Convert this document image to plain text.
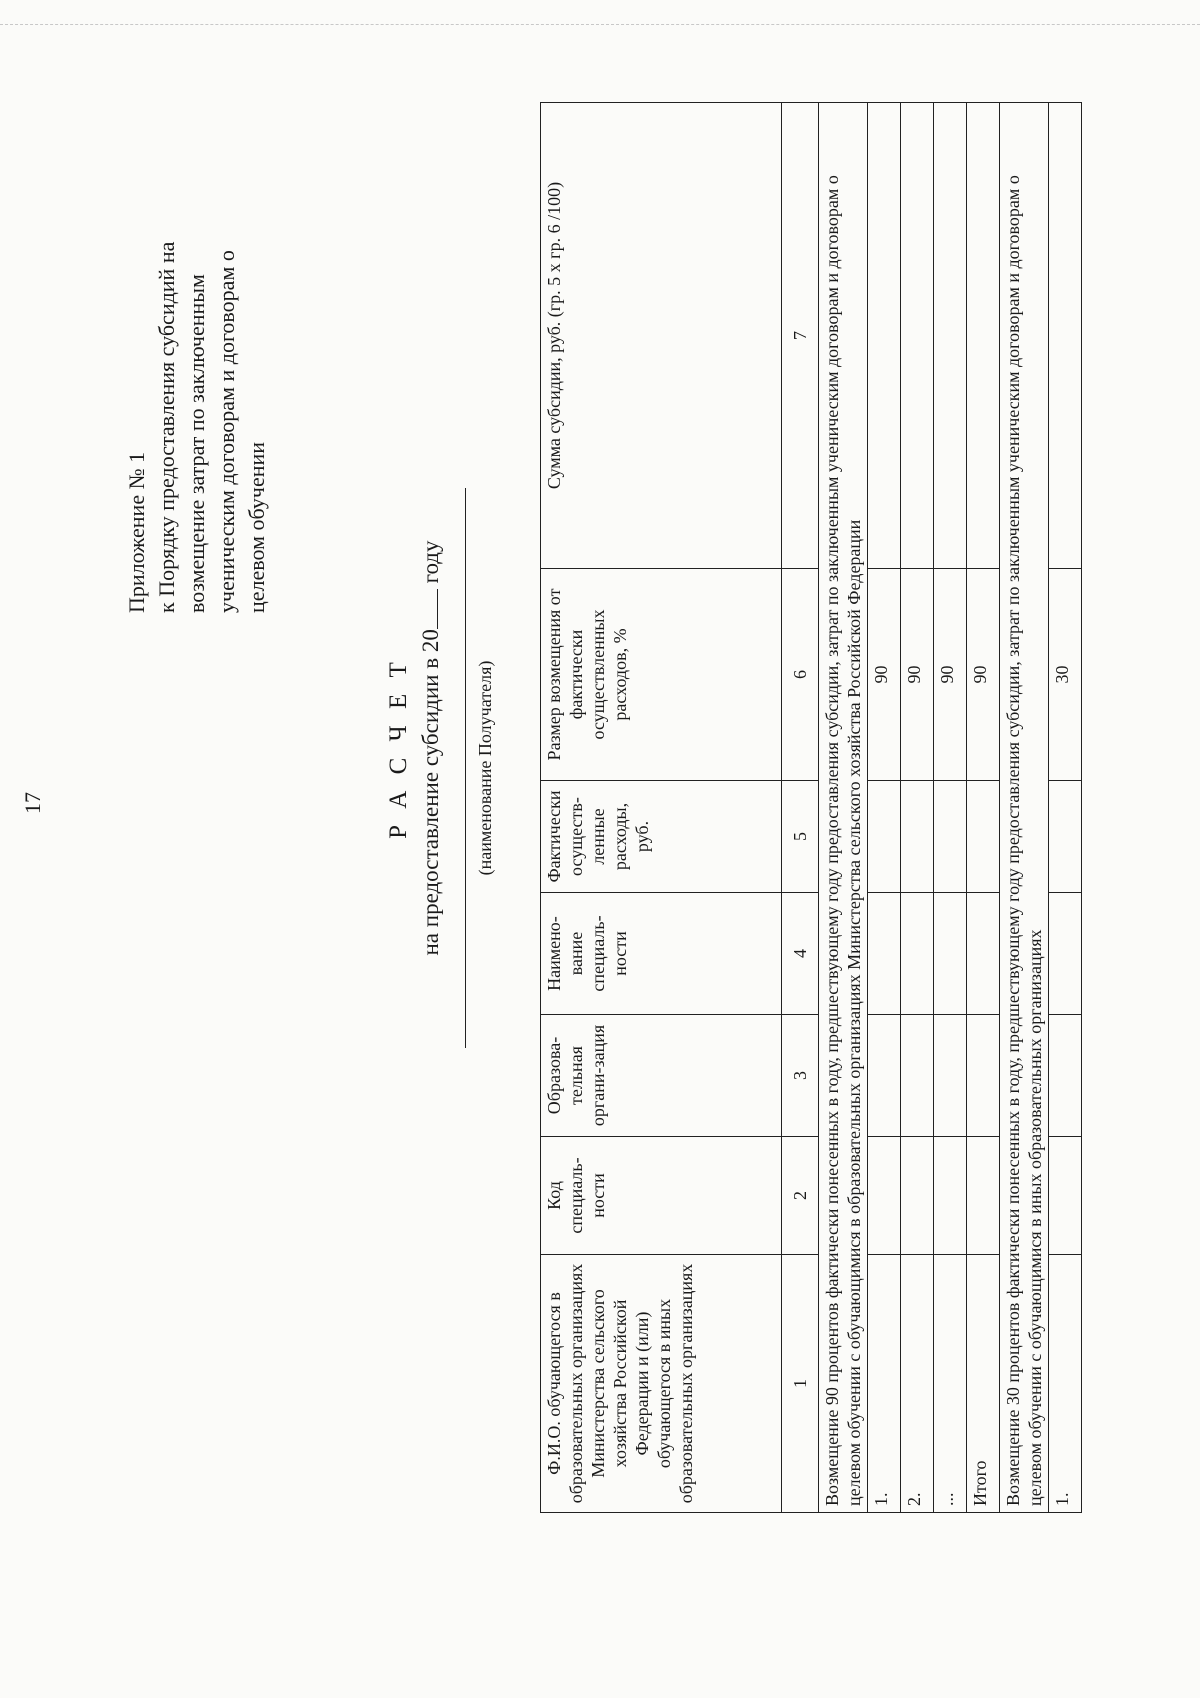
17
Приложение № 1 к Порядку предоставления субсидий на возмещение затрат по заключенным ученическим договорам и договорам о целевом обучении
Р А С Ч Е Т на предоставление субсидии в 20 году
(наименование Получателя)
Ф.И.О. обучающегося в образовательных организациях Министерства сельского хозяйства Российской Федерации и (или) обучающегося в иных образовательных организациях	Код специаль-ности	Образова-тельная органи-зация	Наимено-вание специаль-ности	Фактически осуществ-ленные расходы, руб.	Размер возмещения от фактически осуществленных расходов, %	Сумма субсидии, руб. (гр. 5 х гр. 6 /100)
1	2	3	4	5	6	7
Возмещение 90 процентов фактически понесенных в году, предшествующему году предоставления субсидии, затрат по заключенным ученическим договорам и договорам о целевом обучении с обучающимися в образовательных организациях Министерства сельского хозяйства Российской Федерации						
1.					90	
2.					90	
...					90	
Итого					90	
Возмещение 30 процентов фактически понесенных в году, предшествующему году предоставления субсидии, затрат по заключенным ученическим договорам и договорам о целевом обучении с обучающимися в иных образовательных организациях						
1.					30	
